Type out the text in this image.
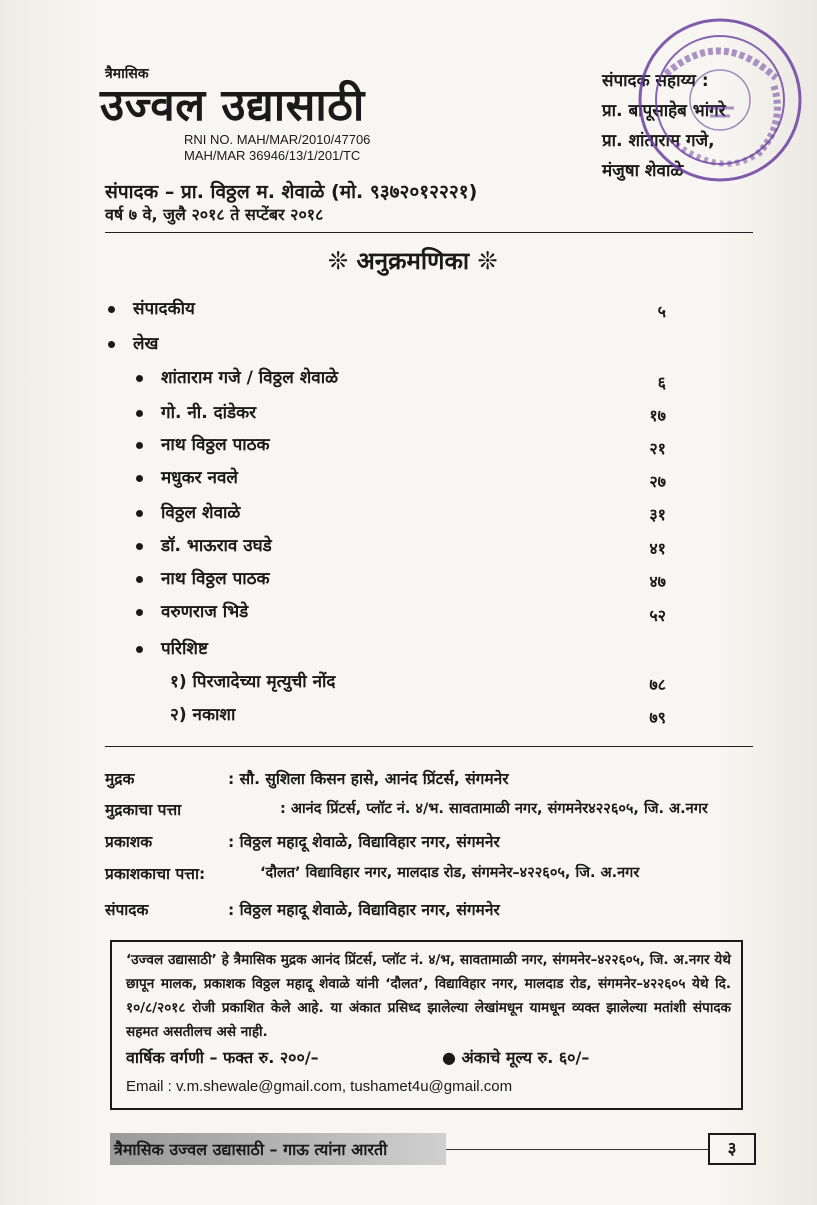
त्रैमासिक
उज्वल उद्यासाठी
RNI NO. MAH/MAR/2010/47706
MAH/MAR 36946/13/1/201/TC
संपादक – प्रा. विठ्ठल म. शेवाळे (मो. ९३७२०१२२२१)
वर्ष ७ वे, जुलै २०१८ ते सप्टेंबर २०१८
संपादक सहाय्य :
प्रा. बापूसाहेब भांगरे
प्रा. शांताराम गजे,
मंजुषा शेवाळे
❊ अनुक्रमणिका ❊
संपादकीय	५
लेख
शांताराम गजे / विठ्ठल शेवाळे	६
गो. नी. दांडेकर	१७
नाथ विठ्ठल पाठक	२१
मधुकर नवले	२७
विठ्ठल शेवाळे	३१
डॉ. भाऊराव उघडे	४१
नाथ विठ्ठल पाठक	४७
वरुणराज भिडे	५२
परिशिष्ट
१) पिरजादेच्या मृत्युची नोंद	७८
२) नकाशा	७९
मुद्रक	: सौ. सुशिला किसन हासे, आनंद प्रिंटर्स, संगमनेर
मुद्रकाचा पत्ता	: आनंद प्रिंटर्स, प्लॉट नं. ४/भ. सावतामाळी नगर, संगमनेर४२२६०५, जि. अ.नगर
प्रकाशक	: विठ्ठल महादू शेवाळे, विद्याविहार नगर, संगमनेर
प्रकाशकाचा पत्ता:	‘दौलत’ विद्याविहार नगर, मालदाड रोड, संगमनेर–४२२६०५, जि. अ.नगर
संपादक	: विठ्ठल महादू शेवाळे, विद्याविहार नगर, संगमनेर
‘उज्वल उद्यासाठी’ हे त्रैमासिक मुद्रक आनंद प्रिंटर्स, प्लॉट नं. ४/भ, सावतामाळी नगर, संगमनेर–४२२६०५, जि. अ.नगर येथे छापून मालक, प्रकाशक विठ्ठल महादू शेवाळे यांनी ‘दौलत’, विद्याविहार नगर, मालदाड रोड, संगमनेर–४२२६०५ येथे दि. १०/८/२०१८ रोजी प्रकाशित केले आहे. या अंकात प्रसिध्द झालेल्या लेखांमधून यामधून व्यक्त झालेल्या मतांशी संपादक सहमत असतीलच असे नाही.
वार्षिक वर्गणी – फक्त रु. २००/–	● अंकाचे मूल्य रु. ६०/–
Email : v.m.shewale@gmail.com, tushamet4u@gmail.com
त्रैमासिक उज्वल उद्यासाठी – गाऊ त्यांना आरती	३
